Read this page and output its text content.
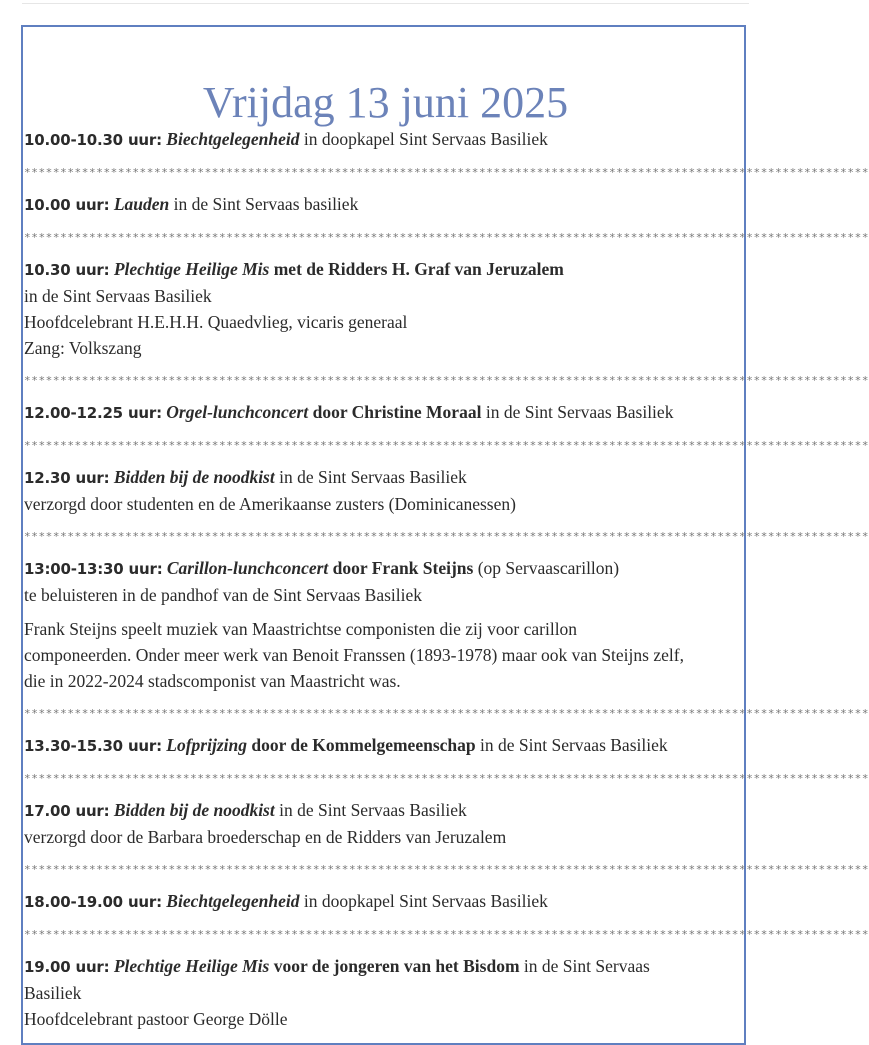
Vrijdag 13 juni 2025
10.00-10.30 uur: Biechtgelegenheid in doopkapel Sint Servaas Basiliek
*********************************************************************************************************************
10.00 uur: Lauden in de Sint Servaas basiliek
*********************************************************************************************************************
10.30 uur: Plechtige Heilige Mis met de Ridders H. Graf van Jeruzalem
in de Sint Servaas Basiliek
Hoofdcelebrant H.E.H.H. Quaedvlieg, vicaris generaal
Zang: Volkszang
*********************************************************************************************************************
12.00-12.25 uur: Orgel-lunchconcert door Christine Moraal in de Sint Servaas Basiliek
*********************************************************************************************************************
12.30 uur: Bidden bij de noodkist in de Sint Servaas Basiliek
verzorgd door studenten en de Amerikaanse zusters (Dominicanessen)
*********************************************************************************************************************
13:00-13:30 uur: Carillon-lunchconcert door Frank Steijns (op Servaascarillon)
te beluisteren in de pandhof van de Sint Servaas Basiliek
Frank Steijns speelt muziek van Maastrichtse componisten die zij voor carillon
componeerden. Onder meer werk van Benoit Franssen (1893-1978) maar ook van Steijns zelf,
die in 2022-2024 stadscomponist van Maastricht was.
*********************************************************************************************************************
13.30-15.30 uur: Lofprijzing door de Kommelgemeenschap in de Sint Servaas Basiliek
*********************************************************************************************************************
17.00 uur: Bidden bij de noodkist in de Sint Servaas Basiliek
verzorgd door de Barbara broederschap en de Ridders van Jeruzalem
*********************************************************************************************************************
18.00-19.00 uur: Biechtgelegenheid in doopkapel Sint Servaas Basiliek
*********************************************************************************************************************
19.00 uur: Plechtige Heilige Mis voor de jongeren van het Bisdom in de Sint Servaas
Basiliek
Hoofdcelebrant pastoor George Dölle
